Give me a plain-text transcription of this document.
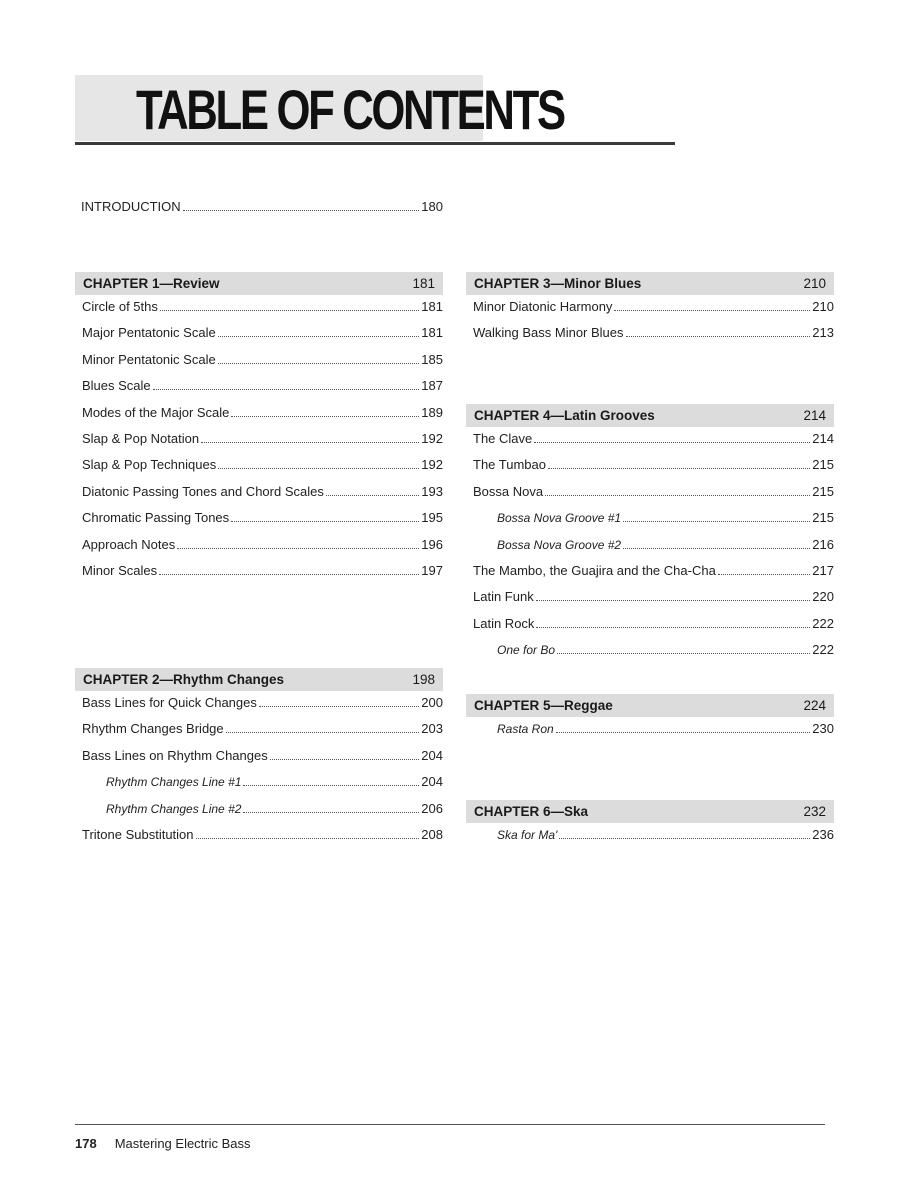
TABLE OF CONTENTS
INTRODUCTION	180
CHAPTER 1—Review	181
Circle of 5ths	181
Major Pentatonic Scale	181
Minor Pentatonic Scale	185
Blues Scale	187
Modes of the Major Scale	189
Slap & Pop Notation	192
Slap & Pop Techniques	192
Diatonic Passing Tones and Chord Scales	193
Chromatic Passing Tones	195
Approach Notes	196
Minor Scales	197
CHAPTER 2—Rhythm Changes	198
Bass Lines for Quick Changes	200
Rhythm Changes Bridge	203
Bass Lines on Rhythm Changes	204
Rhythm Changes Line #1	204
Rhythm Changes Line #2	206
Tritone Substitution	208
CHAPTER 3—Minor Blues	210
Minor Diatonic Harmony	210
Walking Bass Minor Blues	213
CHAPTER 4—Latin Grooves	214
The Clave	214
The Tumbao	215
Bossa Nova	215
Bossa Nova Groove #1	215
Bossa Nova Groove #2	216
The Mambo, the Guajira and the Cha-Cha	217
Latin Funk	220
Latin Rock	222
One for Bo	222
CHAPTER 5—Reggae	224
Rasta Ron	230
CHAPTER 6—Ska	232
Ska for Ma'	236
178 Mastering Electric Bass
